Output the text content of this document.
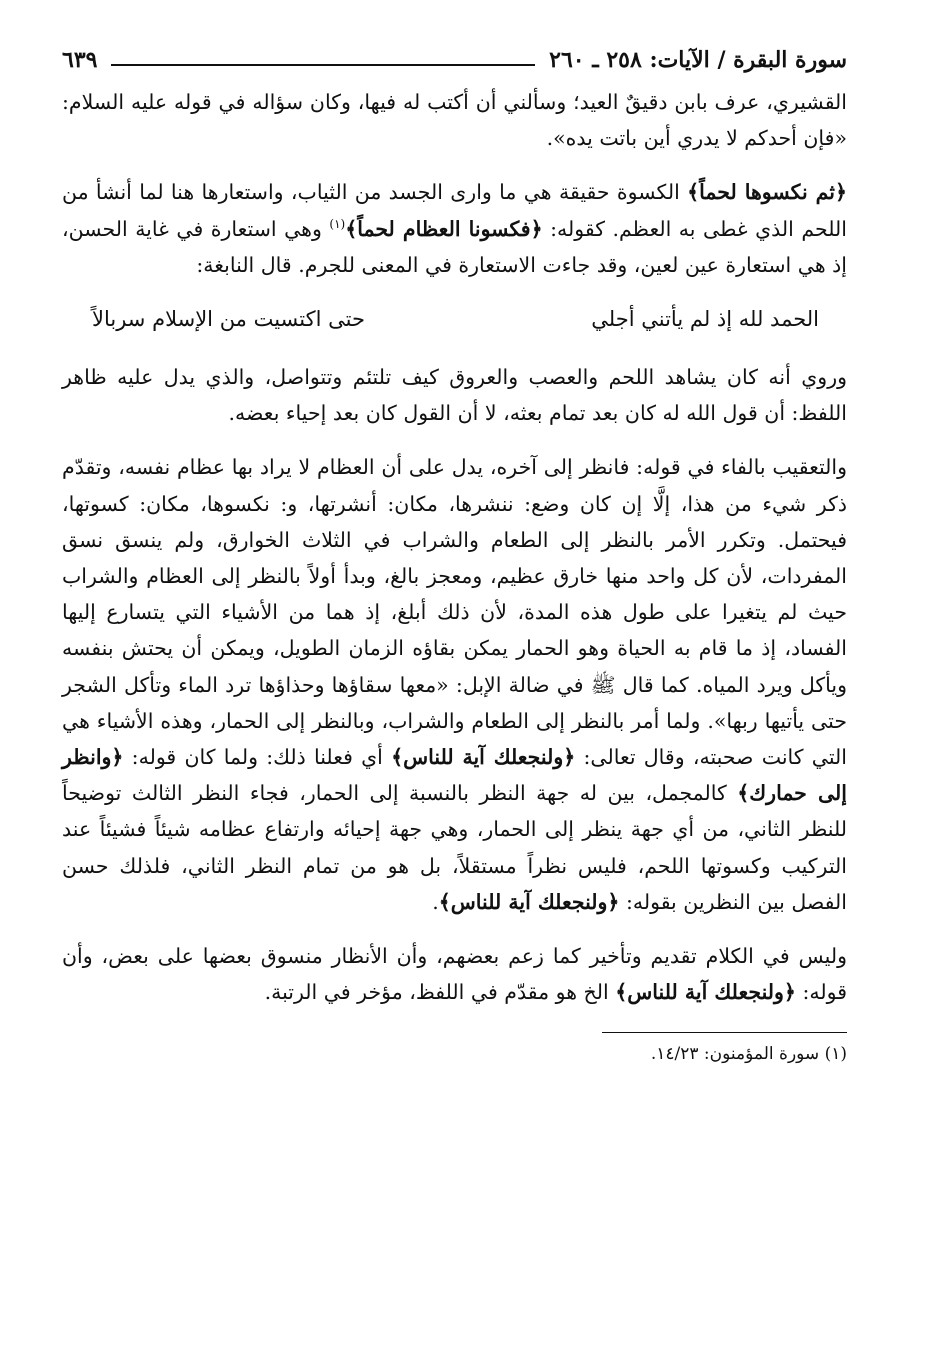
سورة البقرة / الآيات: ٢٥٨ ـ ٢٦٠
٦٣٩

القشيري، عرف بابن دقيقٌ العيد؛ وسألني أن أكتب له فيها، وكان سؤاله في قوله عليه السلام: «فإن أحدكم لا يدري أين باتت يده».

﴿ثم نكسوها لحماً﴾ الكسوة حقيقة هي ما وارى الجسد من الثياب، واستعارها هنا لما أنشأ من اللحم الذي غطى به العظم. كقوله: ﴿فكسونا العظام لحماً﴾$^{(١)}$ وهي استعارة في غاية الحسن، إذ هي استعارة عين لعين، وقد جاءت الاستعارة في المعنى للجرم. قال النابغة:

الحمد لله إذ لم يأتني أجلي
حتى اكتسيت من الإسلام سربالاً

وروي أنه كان يشاهد اللحم والعصب والعروق كيف تلتئم وتتواصل، والذي يدل عليه ظاهر اللفظ: أن قول الله له كان بعد تمام بعثه، لا أن القول كان بعد إحياء بعضه.

والتعقيب بالفاء في قوله: فانظر إلى آخره، يدل على أن العظام لا يراد بها عظام نفسه، وتقدّم ذكر شيء من هذا، إلَّا إن كان وضع: ننشرها، مكان: أنشرتها، و: نكسوها، مكان: كسوتها، فيحتمل. وتكرر الأمر بالنظر إلى الطعام والشراب في الثلاث الخوارق، ولم ينسق نسق المفردات، لأن كل واحد منها خارق عظيم، ومعجز بالغ، وبدأ أولاً بالنظر إلى العظام والشراب حيث لم يتغيرا على طول هذه المدة، لأن ذلك أبلغ، إذ هما من الأشياء التي يتسارع إليها الفساد، إذ ما قام به الحياة وهو الحمار يمكن بقاؤه الزمان الطويل، ويمكن أن يحتش بنفسه ويأكل ويرد المياه. كما قال ﷺ في ضالة الإبل: «معها سقاؤها وحذاؤها ترد الماء وتأكل الشجر حتى يأتيها ربها». ولما أمر بالنظر إلى الطعام والشراب، وبالنظر إلى الحمار، وهذه الأشياء هي التي كانت صحبته، وقال تعالى: ﴿ولنجعلك آية للناس﴾ أي فعلنا ذلك: ولما كان قوله: ﴿وانظر إلى حمارك﴾ كالمجمل، بين له جهة النظر بالنسبة إلى الحمار، فجاء النظر الثالث توضيحاً للنظر الثاني، من أي جهة ينظر إلى الحمار، وهي جهة إحيائه وارتفاع عظامه شيئاً فشيئاً عند التركيب وكسوتها اللحم، فليس نظراً مستقلاً، بل هو من تمام النظر الثاني، فلذلك حسن الفصل بين النظرين بقوله: ﴿ولنجعلك آية للناس﴾.

وليس في الكلام تقديم وتأخير كما زعم بعضهم، وأن الأنظار منسوق بعضها على بعض، وأن قوله: ﴿ولنجعلك آية للناس﴾ الخ هو مقدّم في اللفظ، مؤخر في الرتبة.

(١) سورة المؤمنون: ١٤/٢٣.
